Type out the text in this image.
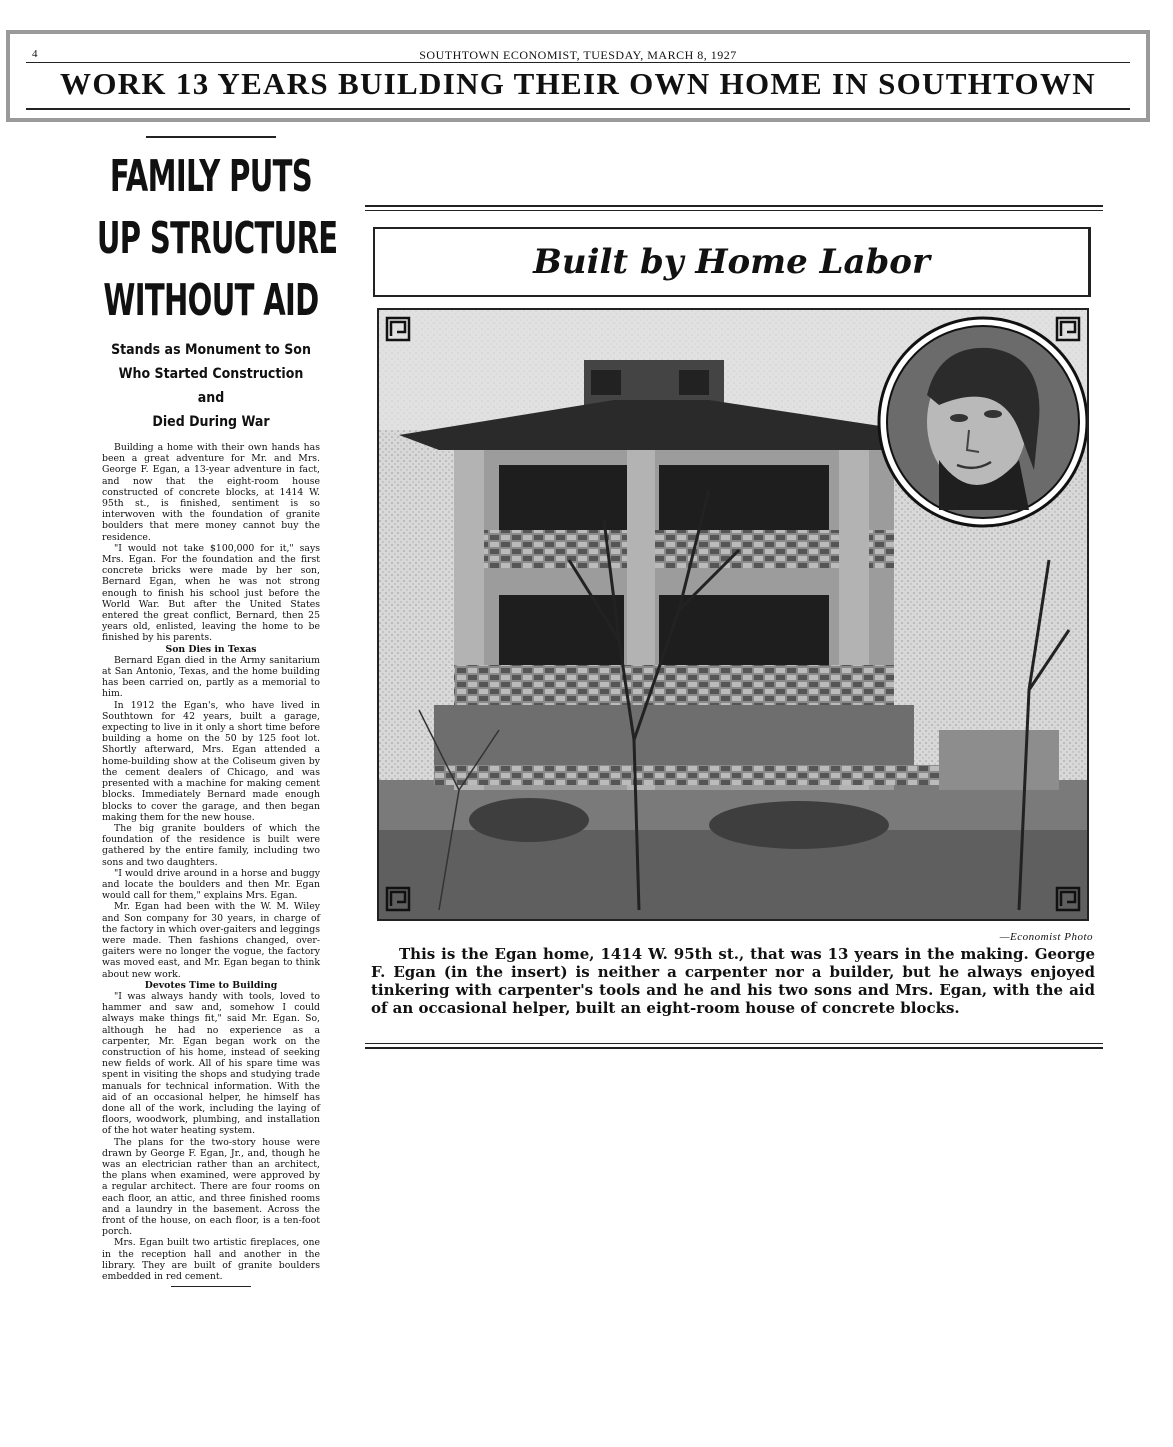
4	SOUTHTOWN ECONOMIST, TUESDAY, MARCH 8, 1927
WORK 13 YEARS BUILDING THEIR OWN HOME IN SOUTHTOWN
FAMILY PUTS
UP STRUCTURE
WITHOUT AID
Stands as Monument to Son
Who Started Construction and
Died During War

Building a home with their own hands has been a great adventure for Mr. and Mrs. George F. Egan, a 13-year adventure in fact, and now that the eight-room house constructed of concrete blocks, at 1414 W. 95th st., is finished, sentiment is so interwoven with the foundation of granite boulders that mere money cannot buy the residence.

"I would not take $100,000 for it," says Mrs. Egan. For the foundation and the first concrete bricks were made by her son, Bernard Egan, when he was not strong enough to finish his school just before the World War. But after the United States entered the great conflict, Bernard, then 25 years old, enlisted, leaving the home to be finished by his parents.

Son Dies in Texas

Bernard Egan died in the Army sanitarium at San Antonio, Texas, and the home building has been carried on, partly as a memorial to him.

In 1912 the Egan's, who have lived in Southtown for 42 years, built a garage, expecting to live in it only a short time before building a home on the 50 by 125 foot lot. Shortly afterward, Mrs. Egan attended a home-building show at the Coliseum given by the cement dealers of Chicago, and was presented with a machine for making cement blocks. Immediately Bernard made enough blocks to cover the garage, and then began making them for the new house.

The big granite boulders of which the foundation of the residence is built were gathered by the entire family, including two sons and two daughters.

"I would drive around in a horse and buggy and locate the boulders and then Mr. Egan would call for them," explains Mrs. Egan.

Mr. Egan had been with the W. M. Wiley and Son company for 30 years, in charge of the factory in which over-gaiters and leggings were made. Then fashions changed, over-gaiters were no longer the vogue, the factory was moved east, and Mr. Egan began to think about new work.

Devotes Time to Building

"I was always handy with tools, loved to hammer and saw and, somehow I could always make things fit," said Mr. Egan. So, although he had no experience as a carpenter, Mr. Egan began work on the construction of his home, instead of seeking new fields of work. All of his spare time was spent in visiting the shops and studying trade manuals for technical information. With the aid of an occasional helper, he himself has done all of the work, including the laying of floors, woodwork, plumbing, and installation of the hot water heating system.

The plans for the two-story house were drawn by George F. Egan, Jr., and, though he was an electrician rather than an architect, the plans when examined, were approved by a regular architect. There are four rooms on each floor, an attic, and three finished rooms and a laundry in the basement. Across the front of the house, on each floor, is a ten-foot porch.

Mrs. Egan built two artistic fireplaces, one in the reception hall and another in the library. They are built of granite boulders embedded in red cement.

Built by Home Labor
—Economist Photo
This is the Egan home, 1414 W. 95th st., that was 13 years in the making. George F. Egan (in the insert) is neither a carpenter nor a builder, but he always enjoyed tinkering with carpenter's tools and he and his two sons and Mrs. Egan, with the aid of an occasional helper, built an eight-room house of concrete blocks.
